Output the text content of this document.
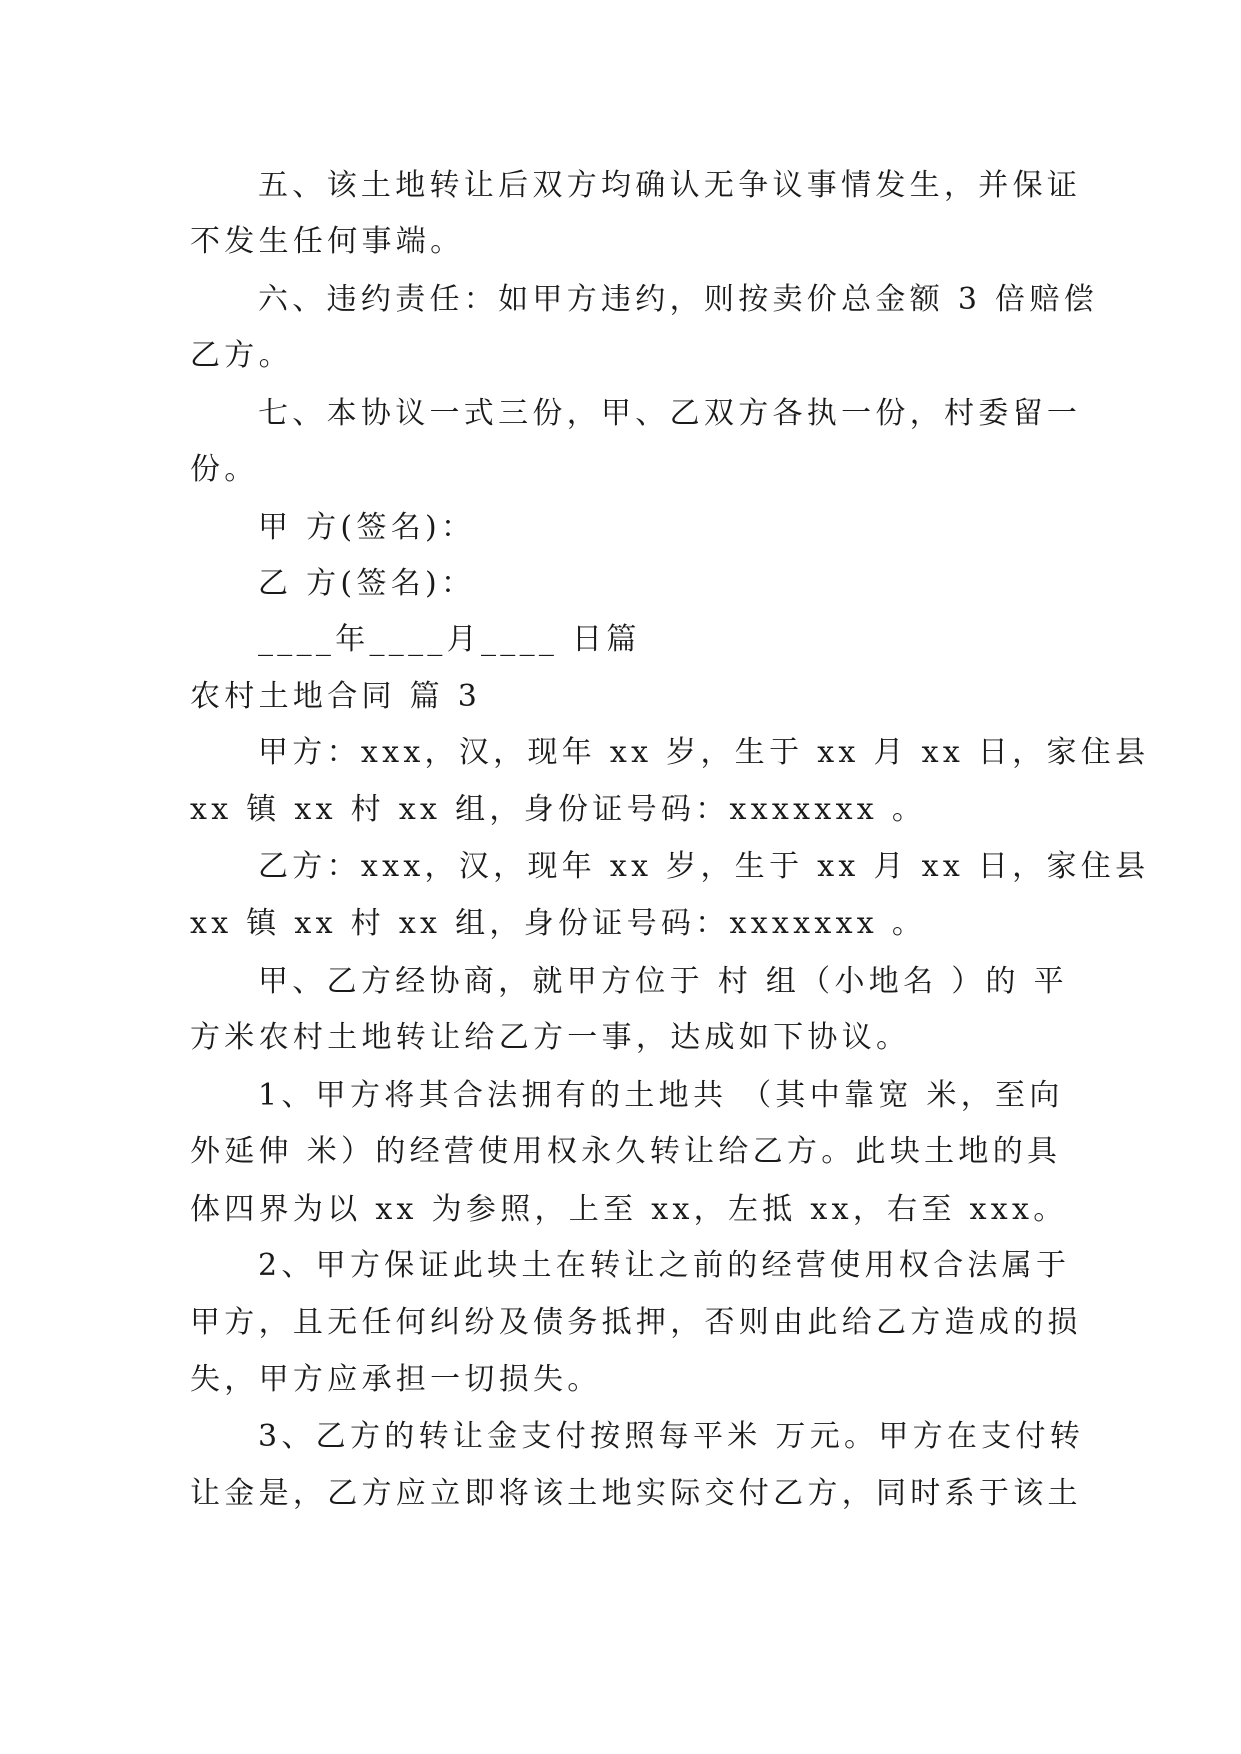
五、该土地转让后双方均确认无争议事情发生，并保证

不发生任何事端。

六、违约责任：如甲方违约，则按卖价总金额 3 倍赔偿

乙方。

七、本协议一式三份，甲、乙双方各执一份，村委留一

份。

甲 方(签名)：

乙 方(签名)：

____年____月____ 日篇

农村土地合同 篇 3

甲方：xxx，汉，现年 xx 岁，生于 xx 月 xx 日，家住县

xx 镇 xx 村 xx 组，身份证号码：xxxxxxx 。

乙方：xxx，汉，现年 xx 岁，生于 xx 月 xx 日，家住县

xx 镇 xx 村 xx 组，身份证号码：xxxxxxx 。

甲、乙方经协商，就甲方位于 村 组（小地名 ）的 平

方米农村土地转让给乙方一事，达成如下协议。

1、甲方将其合法拥有的土地共 （其中靠宽 米，至向

外延伸 米）的经营使用权永久转让给乙方。此块土地的具

体四界为以 xx 为参照，上至 xx，左抵 xx，右至 xxx。

2、甲方保证此块土在转让之前的经营使用权合法属于

甲方，且无任何纠纷及债务抵押，否则由此给乙方造成的损

失，甲方应承担一切损失。

3、乙方的转让金支付按照每平米 万元。甲方在支付转

让金是，乙方应立即将该土地实际交付乙方，同时系于该土
